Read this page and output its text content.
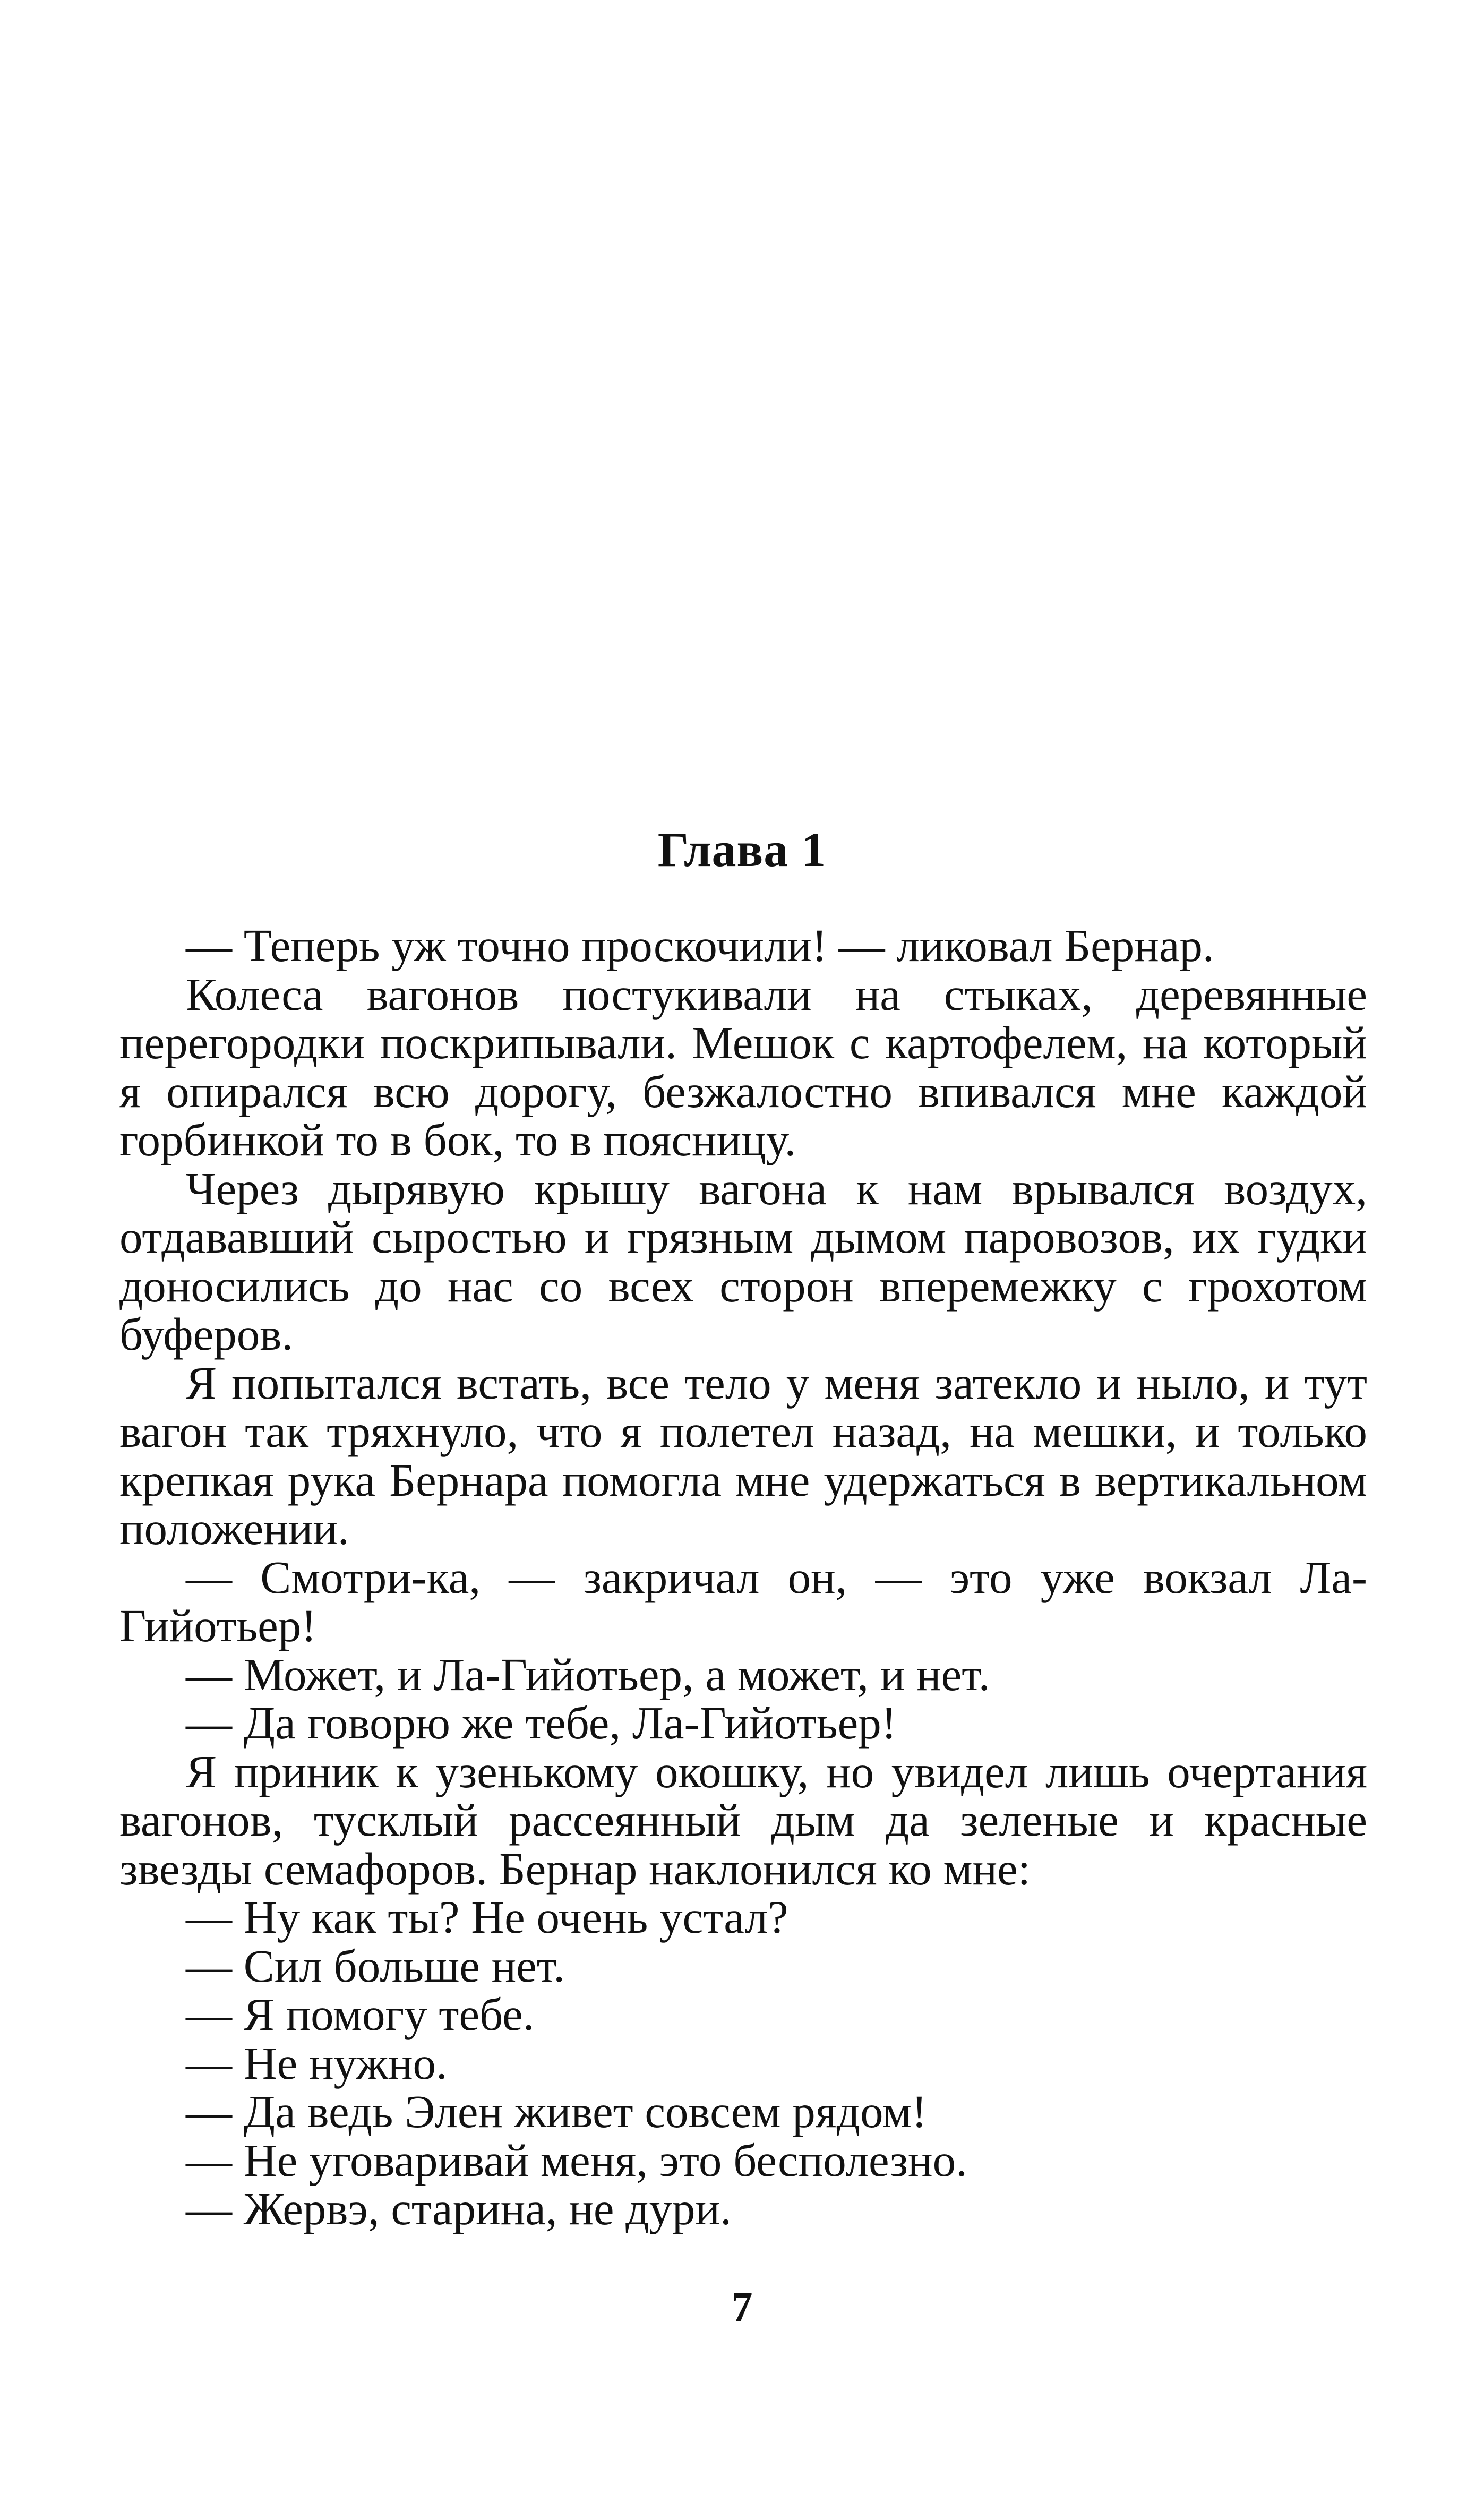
Глава 1

— Теперь уж точно проскочили! — ликовал Бернар.

Колеса вагонов постукивали на стыках, деревянные перегородки поскрипывали. Мешок с картофелем, на который я опирался всю дорогу, безжалостно впивался мне каждой горбинкой то в бок, то в поясницу.

Через дырявую крышу вагона к нам врывался воздух, отдававший сыростью и грязным дымом паровозов, их гудки доносились до нас со всех сторон вперемежку с грохотом буферов.

Я попытался встать, все тело у меня затекло и ныло, и тут вагон так тряхнуло, что я полетел назад, на мешки, и только крепкая рука Бернара помогла мне удержаться в вертикальном положении.

— Смотри-ка, — закричал он, — это уже вокзал Ла-Гийотьер!

— Может, и Ла-Гийотьер, а может, и нет.

— Да говорю же тебе, Ла-Гийотьер!

Я приник к узенькому окошку, но увидел лишь очертания вагонов, тусклый рассеянный дым да зеленые и красные звезды семафоров. Бернар наклонился ко мне:

— Ну как ты? Не очень устал?

— Сил больше нет.

— Я помогу тебе.

— Не нужно.

— Да ведь Элен живет совсем рядом!

— Не уговаривай меня, это бесполезно.

— Жервэ, старина, не дури.

7
